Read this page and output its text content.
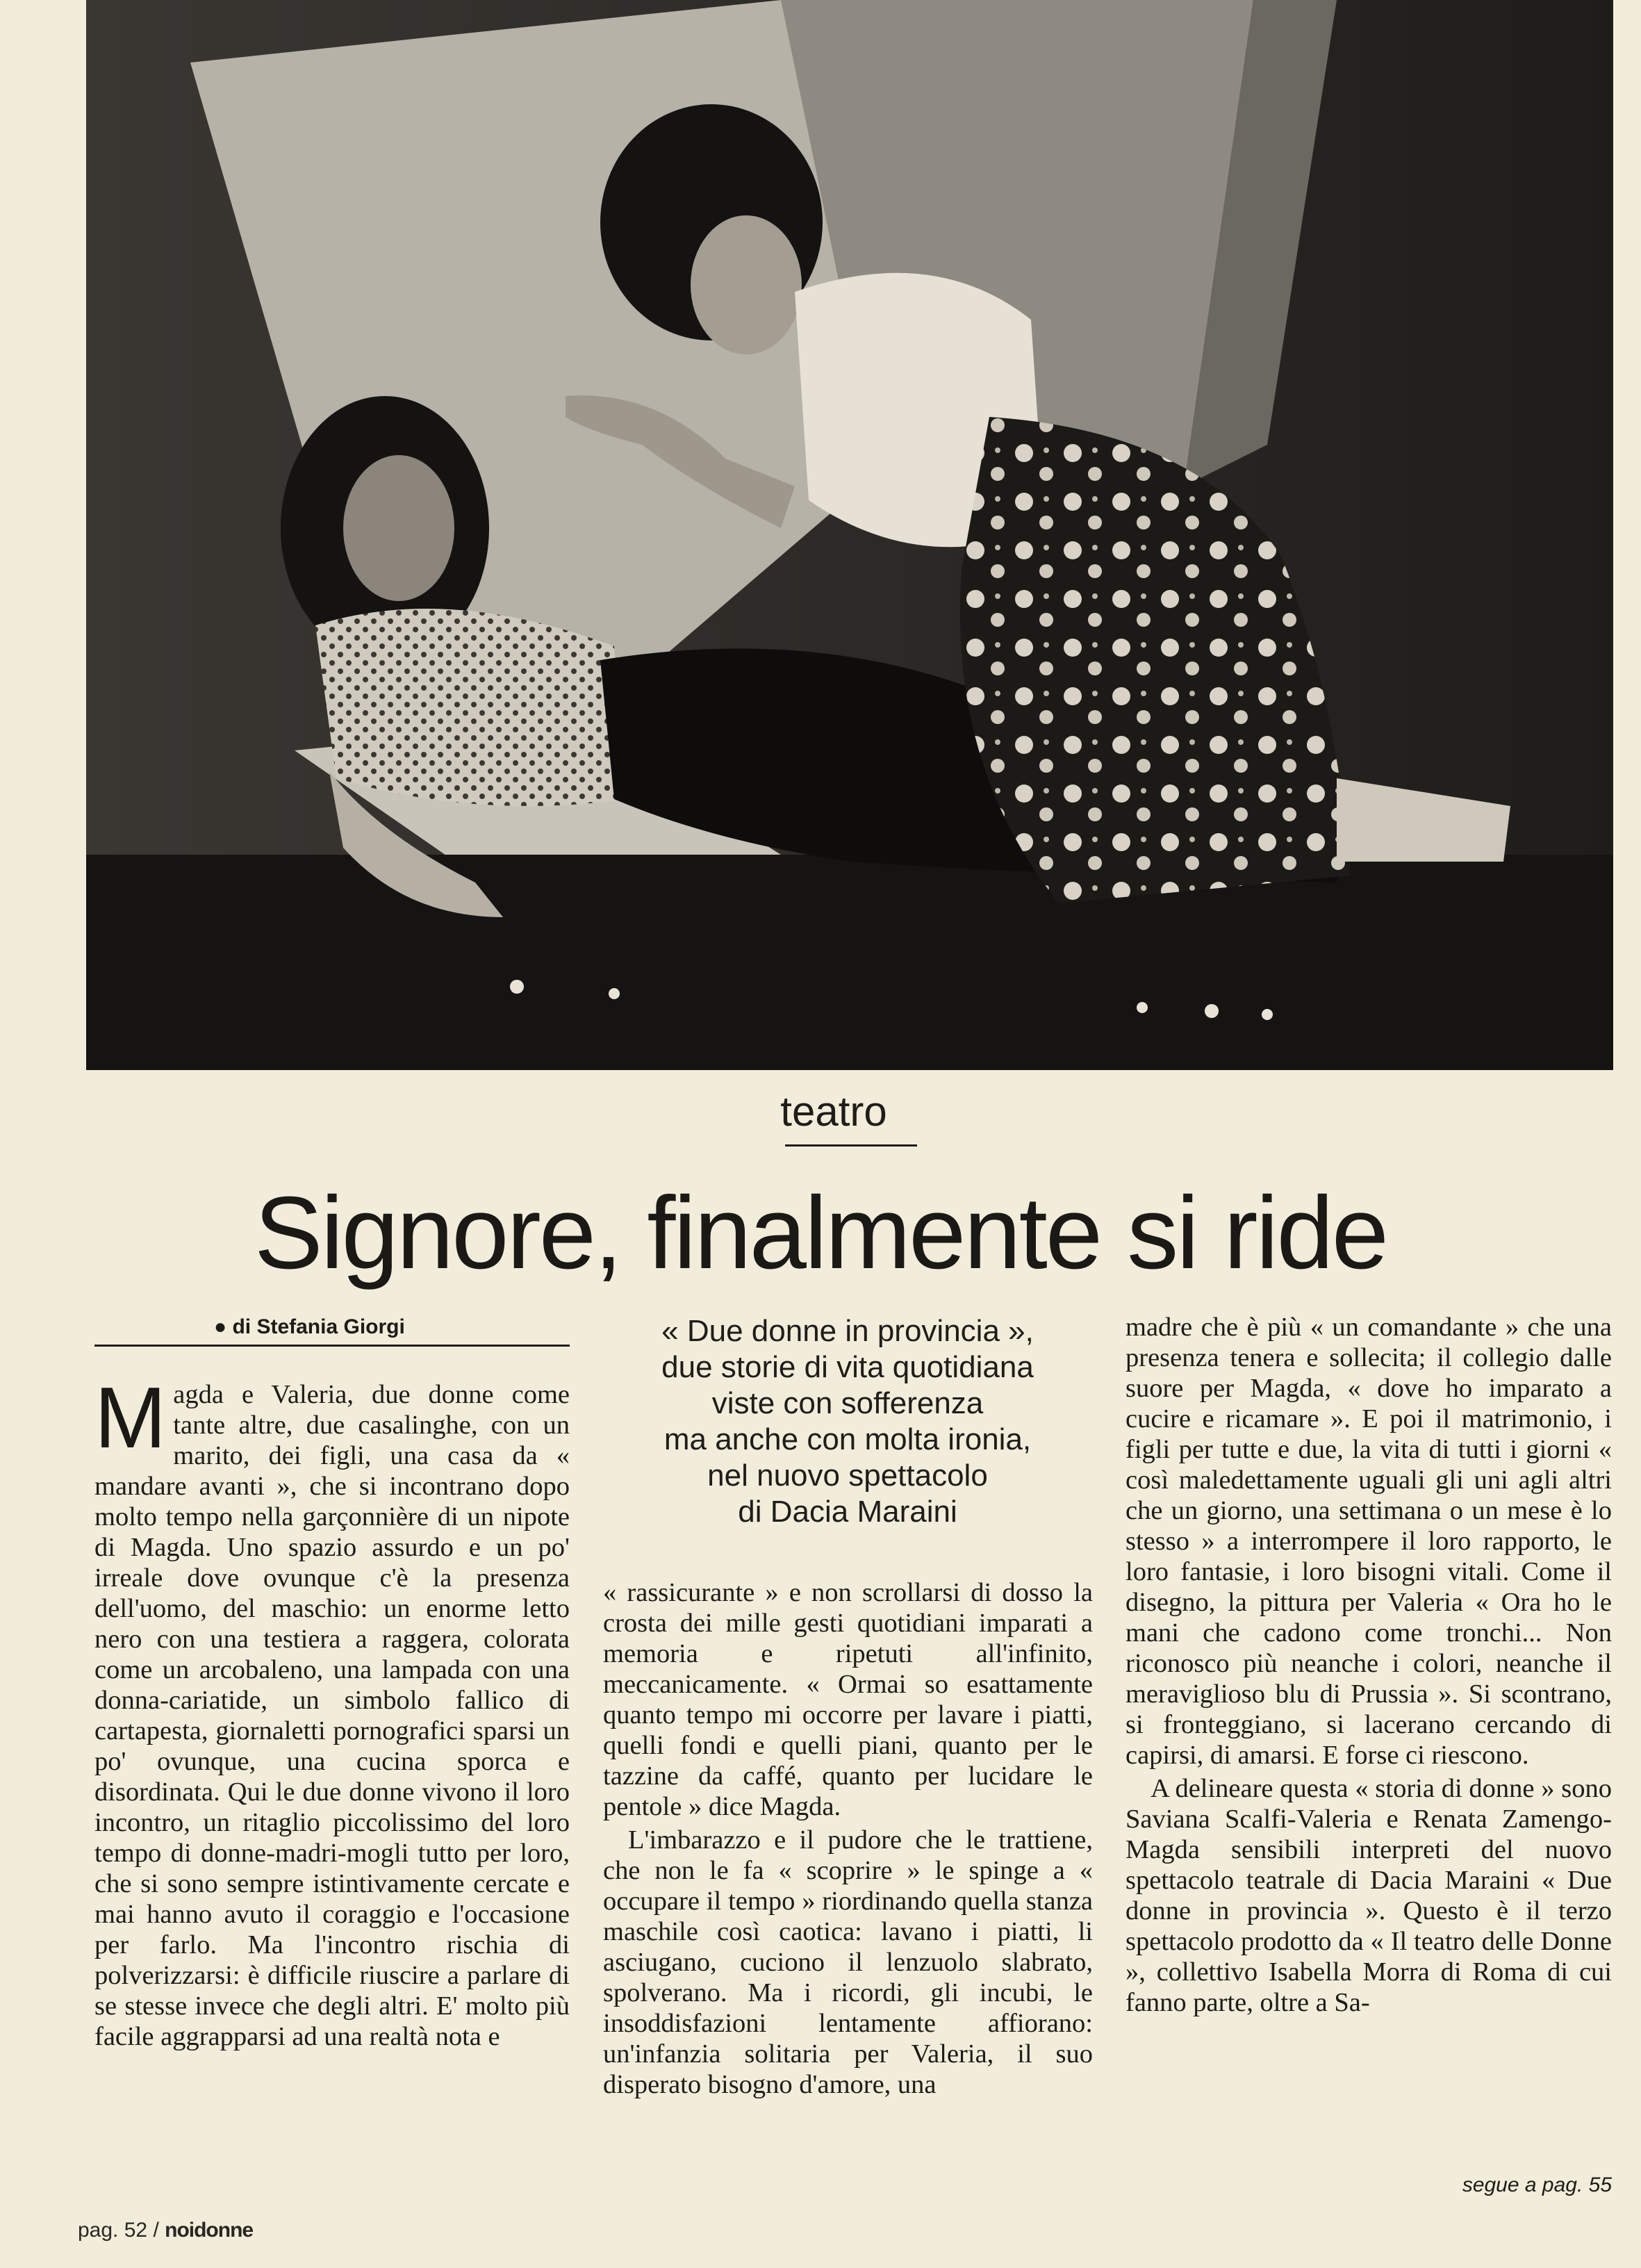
teatro
Signore, finalmente si ride
● di Stefania Giorgi	« Due donne in provincia »,
due storie di vita quotidiana
viste con sofferenza
ma anche con molta ironia,
nel nuovo spettacolo
di Dacia Maraini

Magda e Valeria, due donne come tante altre, due casalinghe, con un marito, dei figli, una casa da « mandare avanti », che si incontrano dopo molto tempo nella garçonnière di un nipote di Magda. Uno spazio assurdo e un po' irreale dove ovunque c'è la presenza dell'uomo, del maschio: un enorme letto nero con una testiera a raggera, colorata come un arcobaleno, una lampada con una donna-cariatide, un simbolo fallico di cartapesta, giornaletti pornografici sparsi un po' ovunque, una cucina sporca e disordinata. Qui le due donne vivono il loro incontro, un ritaglio piccolissimo del loro tempo di donne-madri-mogli tutto per loro, che si sono sempre istintivamente cercate e mai hanno avuto il coraggio e l'occasione per farlo. Ma l'incontro rischia di polverizzarsi: è difficile riuscire a parlare di se stesse invece che degli altri. E' molto più facile aggrapparsi ad una realtà nota e

« rassicurante » e non scrollarsi di dosso la crosta dei mille gesti quotidiani imparati a memoria e ripetuti all'infinito, meccanicamente. « Ormai so esattamente quanto tempo mi occorre per lavare i piatti, quelli fondi e quelli piani, quanto per le tazzine da caffé, quanto per lucidare le pentole » dice Magda.

L'imbarazzo e il pudore che le trattiene, che non le fa « scoprire » le spinge a « occupare il tempo » riordinando quella stanza maschile così caotica: lavano i piatti, li asciugano, cuciono il lenzuolo slabrato, spolverano. Ma i ricordi, gli incubi, le insoddisfazioni lentamente affiorano: un'infanzia solitaria per Valeria, il suo disperato bisogno d'amore, una

madre che è più « un comandante » che una presenza tenera e sollecita; il collegio dalle suore per Magda, « dove ho imparato a cucire e ricamare ». E poi il matrimonio, i figli per tutte e due, la vita di tutti i giorni « così maledettamente uguali gli uni agli altri che un giorno, una settimana o un mese è lo stesso » a interrompere il loro rapporto, le loro fantasie, i loro bisogni vitali. Come il disegno, la pittura per Valeria « Ora ho le mani che cadono come tronchi... Non riconosco più neanche i colori, neanche il meraviglioso blu di Prussia ». Si scontrano, si fronteggiano, si lacerano cercando di capirsi, di amarsi. E forse ci riescono.

A delineare questa « storia di donne » sono Saviana Scalfi-Valeria e Renata Zamengo-Magda sensibili interpreti del nuovo spettacolo teatrale di Dacia Maraini « Due donne in provincia ». Questo è il terzo spettacolo prodotto da « Il teatro delle Donne », collettivo Isabella Morra di Roma di cui fanno parte, oltre a Sa-

segue a pag. 55
pag. 52 / noidonne
